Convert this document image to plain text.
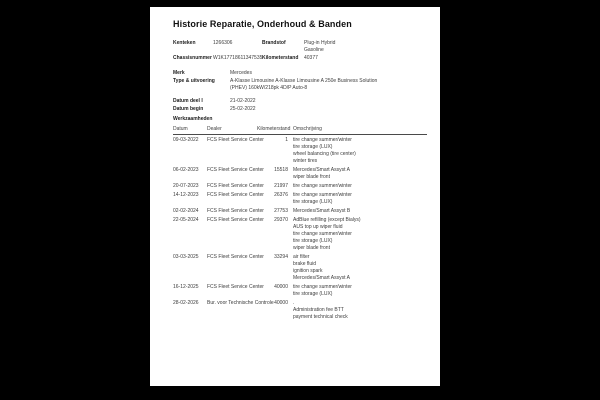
Historie Reparatie, Onderhoud & Banden
Kenteken	1266306	Brandstof	Plug-in Hybrid
Gasoline
Chassisnummer W1K17718611347535 Kilometerstand	40377
Merk	Mercedes
Type & uitvoering	A-Klasse Limousine A-Klasse Limousine A 250e Business Solution (PHEV) 160kW/218pk 4D/P Auto-8
Datum deel I	21-02-2022
Datum begin	25-02-2022
Werkzaamheden
Datum	Dealer	Kilometerstand Omschrijving
09-03-2022	FCS Fleet Service Center	1 tire change summer/winter
tire storage (LUX)
wheel balancing (tire center)
winter tires
06-02-2023	FCS Fleet Service Center	15518 Mercedes/Smart Assyst A
wiper blade front
20-07-2023	FCS Fleet Service Center	21997 tire change summer/winter
14-12-2023	FCS Fleet Service Center	26376 tire change summer/winter
tire storage (LUX)
02-02-2024	FCS Fleet Service Center	27753 Mercedes/Smart Assyst B
22-05-2024	FCS Fleet Service Center	29370 AdBlue refilling (except Bialys)
AUS top up wiper fluid
tire change summer/winter
tire storage (LUX)
wiper blade front
03-03-2025	FCS Fleet Service Center	33294 air filter
brake fluid
ignition spark
Mercedes/Smart Assyst A
16-12-2025	FCS Fleet Service Center	40000 tire change summer/winter
tire storage (LUX)
28-02-2026	Bur. voor Technische Controle 40000 .
Administration fee BTT
payment technical check
